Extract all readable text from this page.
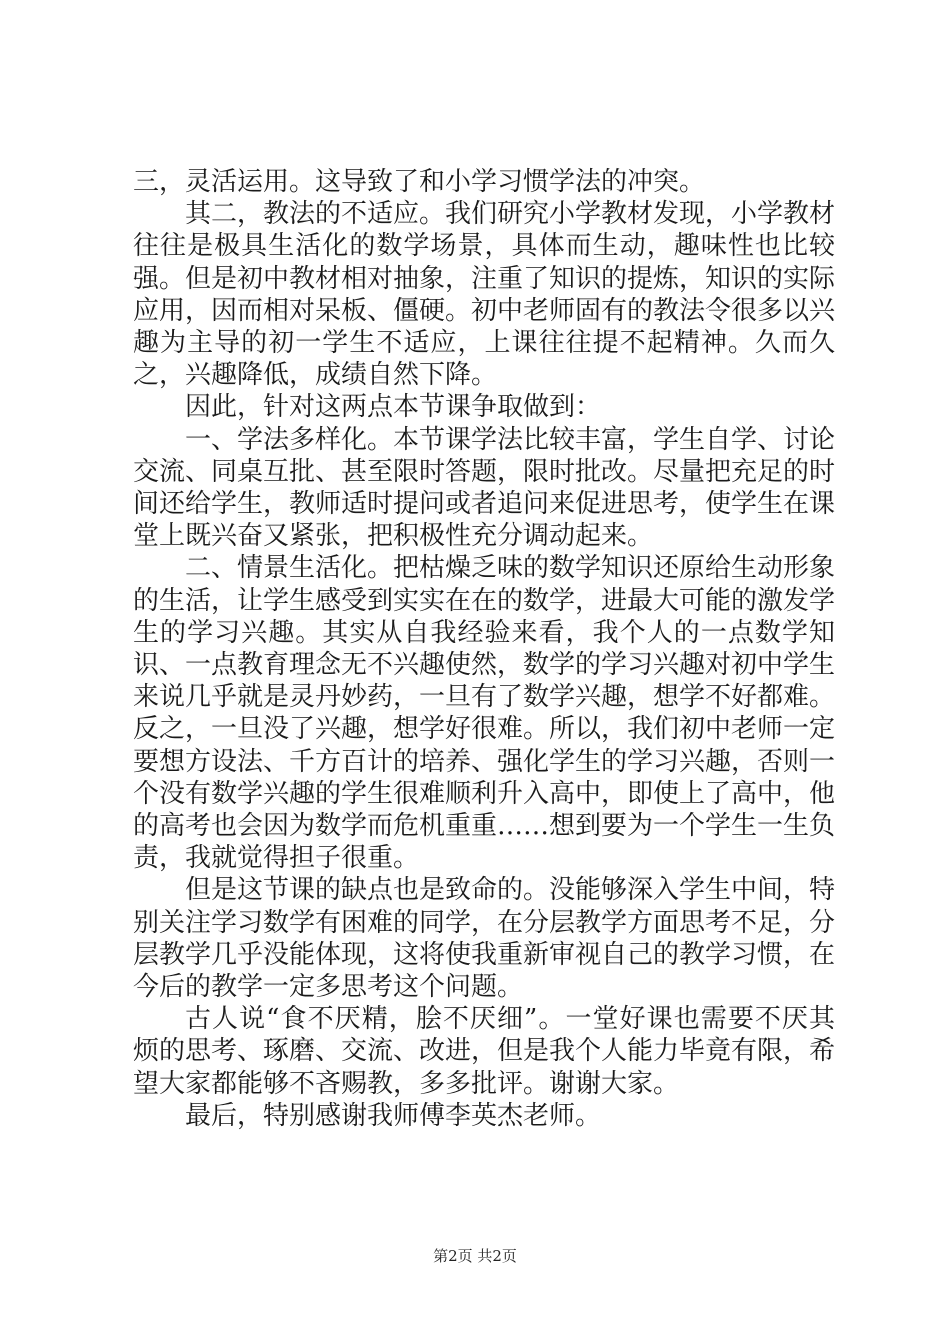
三，灵活运用。这导致了和小学习惯学法的冲突。

其二，教法的不适应。我们研究小学教材发现，小学教材往往是极具生活化的数学场景，具体而生动，趣味性也比较强。但是初中教材相对抽象，注重了知识的提炼，知识的实际应用，因而相对呆板、僵硬。初中老师固有的教法令很多以兴趣为主导的初一学生不适应，上课往往提不起精神。久而久之，兴趣降低，成绩自然下降。

因此，针对这两点本节课争取做到：

一、学法多样化。本节课学法比较丰富，学生自学、讨论交流、同桌互批、甚至限时答题，限时批改。尽量把充足的时间还给学生，教师适时提问或者追问来促进思考，使学生在课堂上既兴奋又紧张，把积极性充分调动起来。

二、情景生活化。把枯燥乏味的数学知识还原给生动形象的生活，让学生感受到实实在在的数学，进最大可能的激发学生的学习兴趣。其实从自我经验来看，我个人的一点数学知识、一点教育理念无不兴趣使然，数学的学习兴趣对初中学生来说几乎就是灵丹妙药，一旦有了数学兴趣，想学不好都难。反之，一旦没了兴趣，想学好很难。所以，我们初中老师一定要想方设法、千方百计的培养、强化学生的学习兴趣，否则一个没有数学兴趣的学生很难顺利升入高中，即使上了高中，他的高考也会因为数学而危机重重……想到要为一个学生一生负责，我就觉得担子很重。

但是这节课的缺点也是致命的。没能够深入学生中间，特别关注学习数学有困难的同学，在分层教学方面思考不足，分层教学几乎没能体现，这将使我重新审视自己的教学习惯，在今后的教学一定多思考这个问题。

古人说“食不厌精，脍不厌细”。一堂好课也需要不厌其烦的思考、琢磨、交流、改进，但是我个人能力毕竟有限，希望大家都能够不吝赐教，多多批评。谢谢大家。

最后，特别感谢我师傅李英杰老师。

第2页 共2页
